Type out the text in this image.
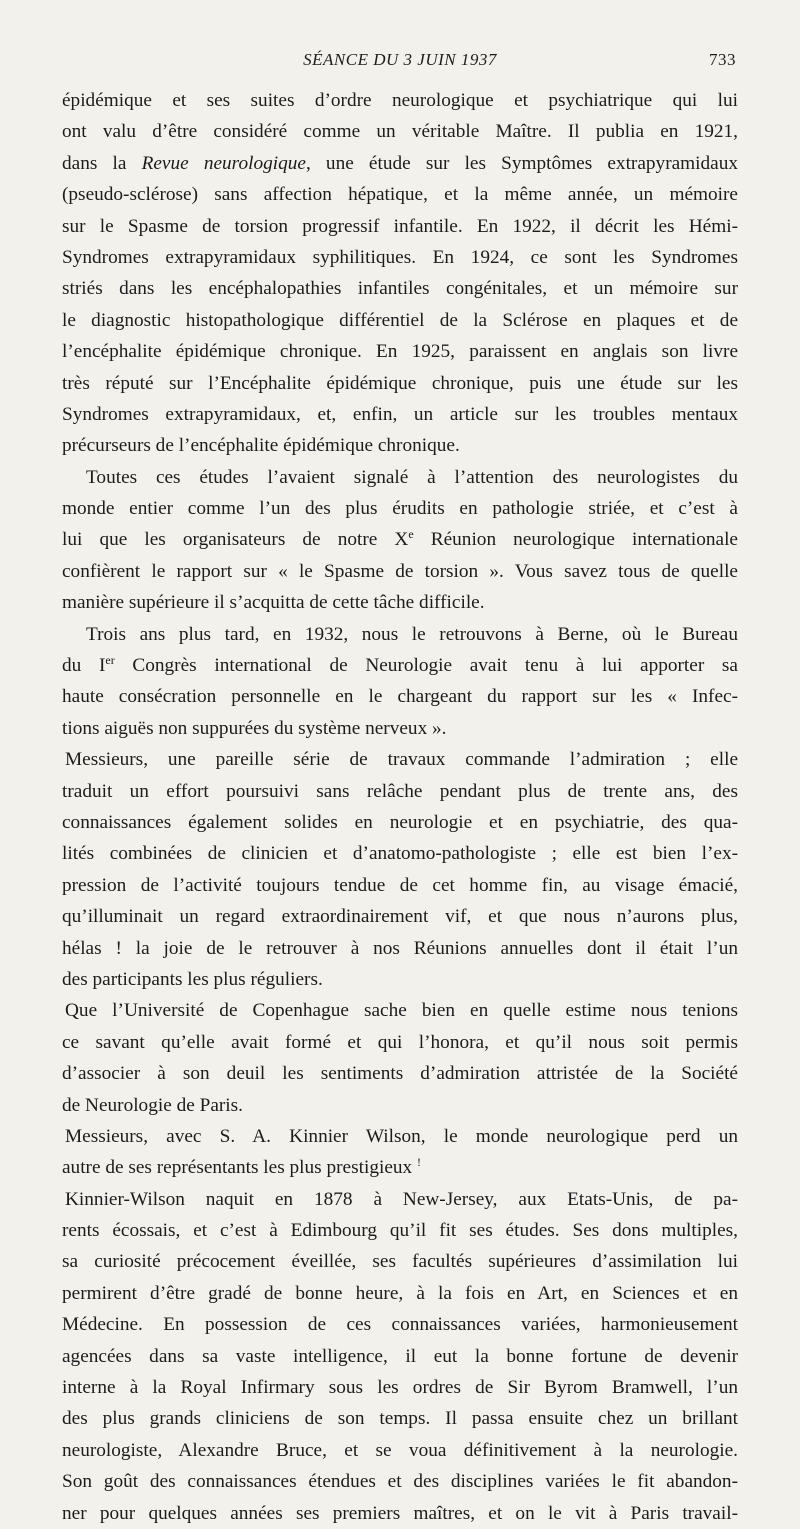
SÉANCE DU 3 JUIN 1937	733
épidémique et ses suites d’ordre neurologique et psychiatrique qui lui
ont valu d’être considéré comme un véritable Maître. Il publia en 1921,
dans la Revue neurologique, une étude sur les Symptômes extrapyramidaux
(pseudo-sclérose) sans affection hépatique, et la même année, un mémoire
sur le Spasme de torsion progressif infantile. En 1922, il décrit les Hémi-
Syndromes extrapyramidaux syphilitiques. En 1924, ce sont les Syndromes
striés dans les encéphalopathies infantiles congénitales, et un mémoire sur
le diagnostic histopathologique différentiel de la Sclérose en plaques et de
l’encéphalite épidémique chronique. En 1925, paraissent en anglais son livre
très réputé sur l’Encéphalite épidémique chronique, puis une étude sur les
Syndromes extrapyramidaux, et, enfin, un article sur les troubles mentaux
précurseurs de l’encéphalite épidémique chronique.
Toutes ces études l’avaient signalé à l’attention des neurologistes du
monde entier comme l’un des plus érudits en pathologie striée, et c’est à
lui que les organisateurs de notre Xe Réunion neurologique internationale
confièrent le rapport sur « le Spasme de torsion ». Vous savez tous de quelle
manière supérieure il s’acquitta de cette tâche difficile.
Trois ans plus tard, en 1932, nous le retrouvons à Berne, où le Bureau
du Ier Congrès international de Neurologie avait tenu à lui apporter sa
haute consécration personnelle en le chargeant du rapport sur les « Infec-
tions aiguës non suppurées du système nerveux ».
Messieurs, une pareille série de travaux commande l’admiration ; elle
traduit un effort poursuivi sans relâche pendant plus de trente ans, des
connaissances également solides en neurologie et en psychiatrie, des qua-
lités combinées de clinicien et d’anatomo-pathologiste ; elle est bien l’ex-
pression de l’activité toujours tendue de cet homme fin, au visage émacié,
qu’illuminait un regard extraordinairement vif, et que nous n’aurons plus,
hélas ! la joie de le retrouver à nos Réunions annuelles dont il était l’un
des participants les plus réguliers.
Que l’Université de Copenhague sache bien en quelle estime nous tenions
ce savant qu’elle avait formé et qui l’honora, et qu’il nous soit permis
d’associer à son deuil les sentiments d’admiration attristée de la Société
de Neurologie de Paris.
Messieurs, avec S. A. Kinnier Wilson, le monde neurologique perd un
autre de ses représentants les plus prestigieux !
Kinnier-Wilson naquit en 1878 à New-Jersey, aux Etats-Unis, de pa-
rents écossais, et c’est à Edimbourg qu’il fit ses études. Ses dons multiples,
sa curiosité précocement éveillée, ses facultés supérieures d’assimilation lui
permirent d’être gradé de bonne heure, à la fois en Art, en Sciences et en
Médecine. En possession de ces connaissances variées, harmonieusement
agencées dans sa vaste intelligence, il eut la bonne fortune de devenir
interne à la Royal Infirmary sous les ordres de Sir Byrom Bramwell, l’un
des plus grands cliniciens de son temps. Il passa ensuite chez un brillant
neurologiste, Alexandre Bruce, et se voua définitivement à la neurologie.
Son goût des connaissances étendues et des disciplines variées le fit abandon-
ner pour quelques années ses premiers maîtres, et on le vit à Paris travail-
